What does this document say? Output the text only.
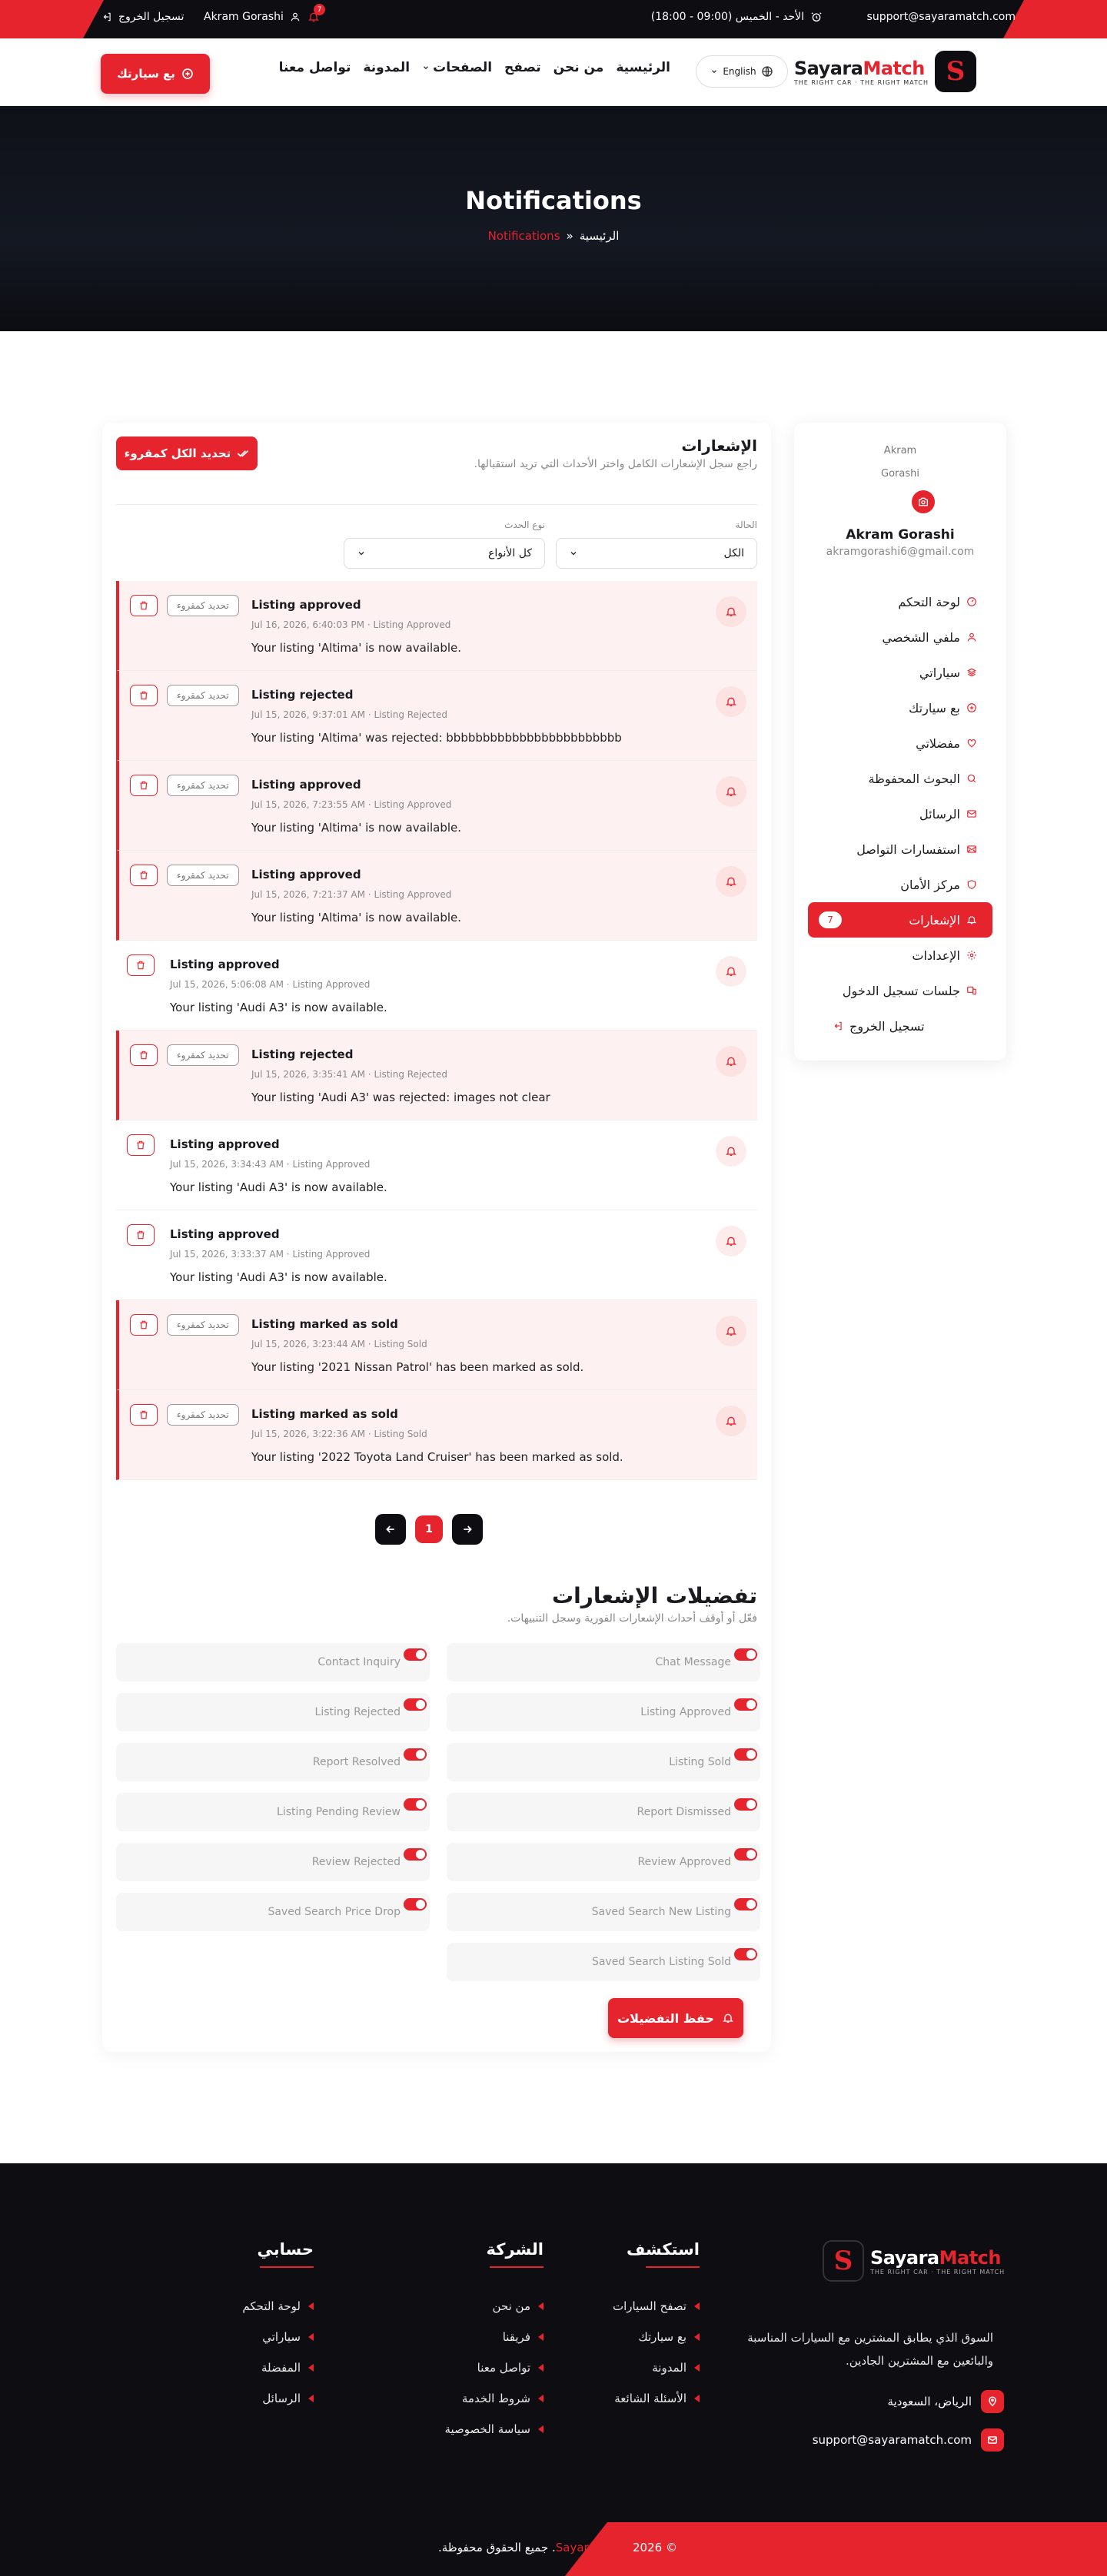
support@sayaramatch.com
الأحد - الخميس (09:00 - 18:00)
تسجيل الخروج Akram Gorashi
7
SayaraMatch
THE RIGHT CAR · THE RIGHT MATCH S
English
الرئيسية
من نحن
تصفح
الصفحات
المدونة
تواصل معنا
بع سيارتك
Notifications
Notifications » الرئيسية
Akram
Gorashi
Akram Gorashi
akramgorashi6@gmail.com
لوحة التحكم
ملفي الشخصي
سياراتي
بع سيارتك
مفضلاتي
البحوث المحفوظة
الرسائل
استفسارات التواصل
مركز الأمان
الإشعارات
7
الإعدادات
جلسات تسجيل الدخول
تسجيل الخروج
الإشعارات
راجع سجل الإشعارات الكامل واختر الأحداث التي تريد استقبالها.
تحديد الكل كمقروء
الحالة
الكل
نوع الحدث
كل الأنواع
Listing approved
Jul 16, 2026, 6:40:03 PM · Listing Approved
Your listing 'Altima' is now available.
تحديد كمقروء
Listing rejected
Jul 15, 2026, 9:37:01 AM · Listing Rejected
Your listing 'Altima' was rejected: bbbbbbbbbbbbbbbbbbbbbbbb
تحديد كمقروء
Listing approved
Jul 15, 2026, 7:23:55 AM · Listing Approved
Your listing 'Altima' is now available.
تحديد كمقروء
Listing approved
Jul 15, 2026, 7:21:37 AM · Listing Approved
Your listing 'Altima' is now available.
تحديد كمقروء
Listing approved
Jul 15, 2026, 5:06:08 AM · Listing Approved
Your listing 'Audi A3' is now available.
Listing rejected
Jul 15, 2026, 3:35:41 AM · Listing Rejected
Your listing 'Audi A3' was rejected: images not clear
تحديد كمقروء
Listing approved
Jul 15, 2026, 3:34:43 AM · Listing Approved
Your listing 'Audi A3' is now available.
Listing approved
Jul 15, 2026, 3:33:37 AM · Listing Approved
Your listing 'Audi A3' is now available.
Listing marked as sold
Jul 15, 2026, 3:23:44 AM · Listing Sold
Your listing '2021 Nissan Patrol' has been marked as sold.
تحديد كمقروء
Listing marked as sold
Jul 15, 2026, 3:22:36 AM · Listing Sold
Your listing '2022 Toyota Land Cruiser' has been marked as sold.
تحديد كمقروء
1
تفضيلات الإشعارات
فعّل أو أوقف أحداث الإشعارات الفورية وسجل التنبيهات.
Chat Message
Listing Approved
Listing Sold
Report Dismissed
Review Approved
Saved Search New Listing
Saved Search Listing Sold
Contact Inquiry
Listing Rejected
Report Resolved
Listing Pending Review
Review Rejected
Saved Search Price Drop
حفظ التفضيلات
S SayaraMatch
THE RIGHT CAR · THE RIGHT MATCH
السوق الذي يطابق المشترين مع السيارات المناسبة والبائعين مع المشترين الجادين.
الرياض، السعودية
support@sayaramatch.com
استكشف
تصفح السيارات
بع سيارتك
المدونة
الأسئلة الشائعة
الشركة
من نحن
فريقنا
تواصل معنا
شروط الخدمة
سياسة الخصوصية
حسابي
لوحة التحكم
سياراتي
المفضلة
الرسائل
© 2026
Sayara. جميع الحقوق محفوظة.
